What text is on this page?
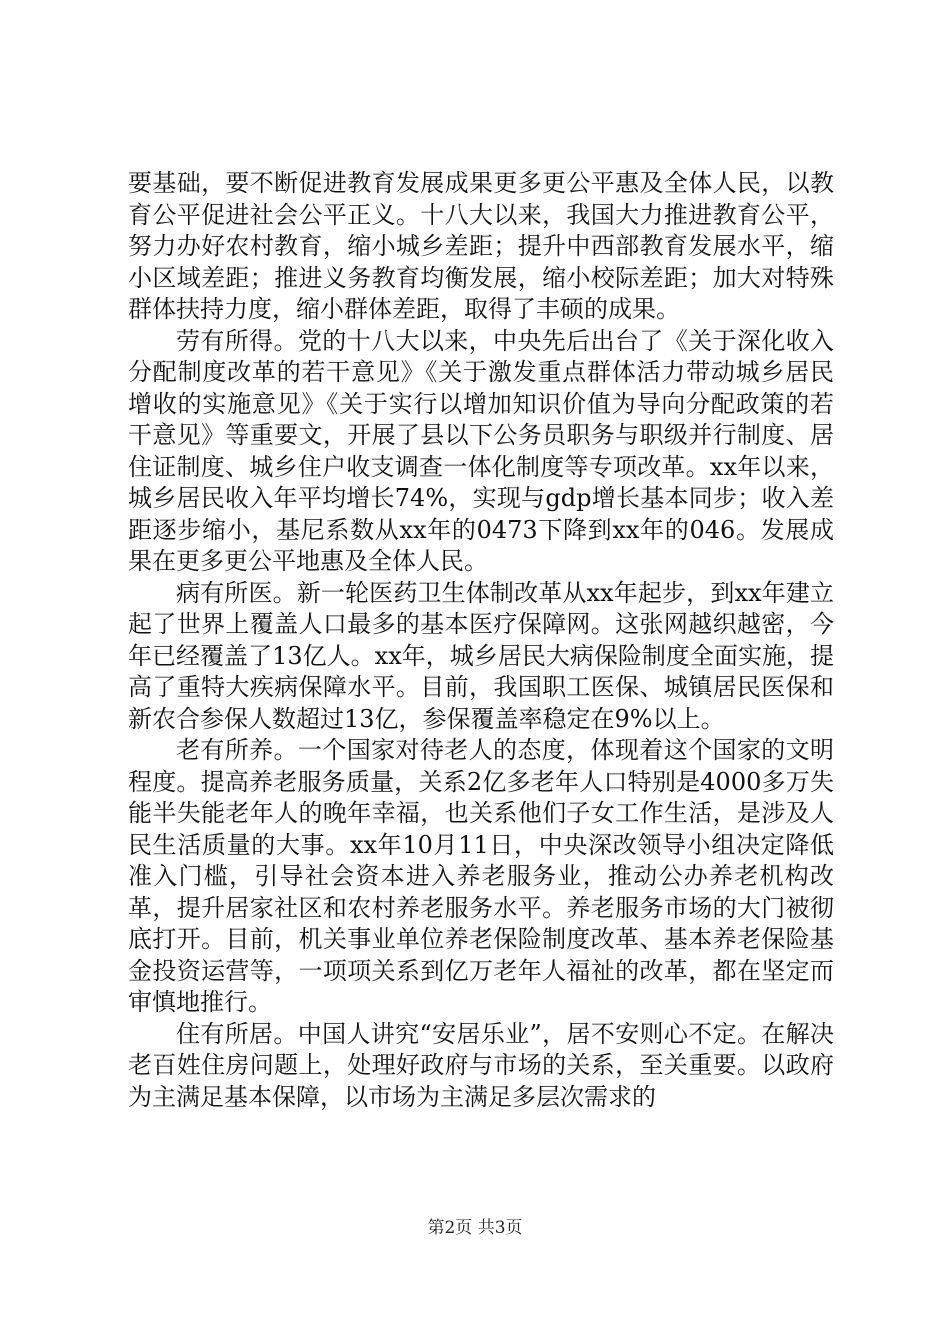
要基础，要不断促进教育发展成果更多更公平惠及全体人民，以教育公平促进社会公平正义。十八大以来，我国大力推进教育公平，努力办好农村教育，缩小城乡差距；提升中西部教育发展水平，缩小区域差距；推进义务教育均衡发展，缩小校际差距；加大对特殊群体扶持力度，缩小群体差距，取得了丰硕的成果。

劳有所得。党的十八大以来，中央先后出台了《关于深化收入分配制度改革的若干意见》《关于激发重点群体活力带动城乡居民增收的实施意见》《关于实行以增加知识价值为导向分配政策的若干意见》等重要文，开展了县以下公务员职务与职级并行制度、居住证制度、城乡住户收支调查一体化制度等专项改革。xx年以来，城乡居民收入年平均增长74%，实现与gdp增长基本同步；收入差距逐步缩小，基尼系数从xx年的0473下降到xx年的046。发展成果在更多更公平地惠及全体人民。

病有所医。新一轮医药卫生体制改革从xx年起步，到xx年建立起了世界上覆盖人口最多的基本医疗保障网。这张网越织越密，今年已经覆盖了13亿人。xx年，城乡居民大病保险制度全面实施，提高了重特大疾病保障水平。目前，我国职工医保、城镇居民医保和新农合参保人数超过13亿，参保覆盖率稳定在9%以上。

老有所养。一个国家对待老人的态度，体现着这个国家的文明程度。提高养老服务质量，关系2亿多老年人口特别是4000多万失能半失能老年人的晚年幸福，也关系他们子女工作生活，是涉及人民生活质量的大事。xx年10月11日，中央深改领导小组决定降低准入门槛，引导社会资本进入养老服务业，推动公办养老机构改革，提升居家社区和农村养老服务水平。养老服务市场的大门被彻底打开。目前，机关事业单位养老保险制度改革、基本养老保险基金投资运营等，一项项关系到亿万老年人福祉的改革，都在坚定而审慎地推行。

住有所居。中国人讲究“安居乐业”，居不安则心不定。在解决老百姓住房问题上，处理好政府与市场的关系，至关重要。以政府为主满足基本保障，以市场为主满足多层次需求的

第2页 共3页
